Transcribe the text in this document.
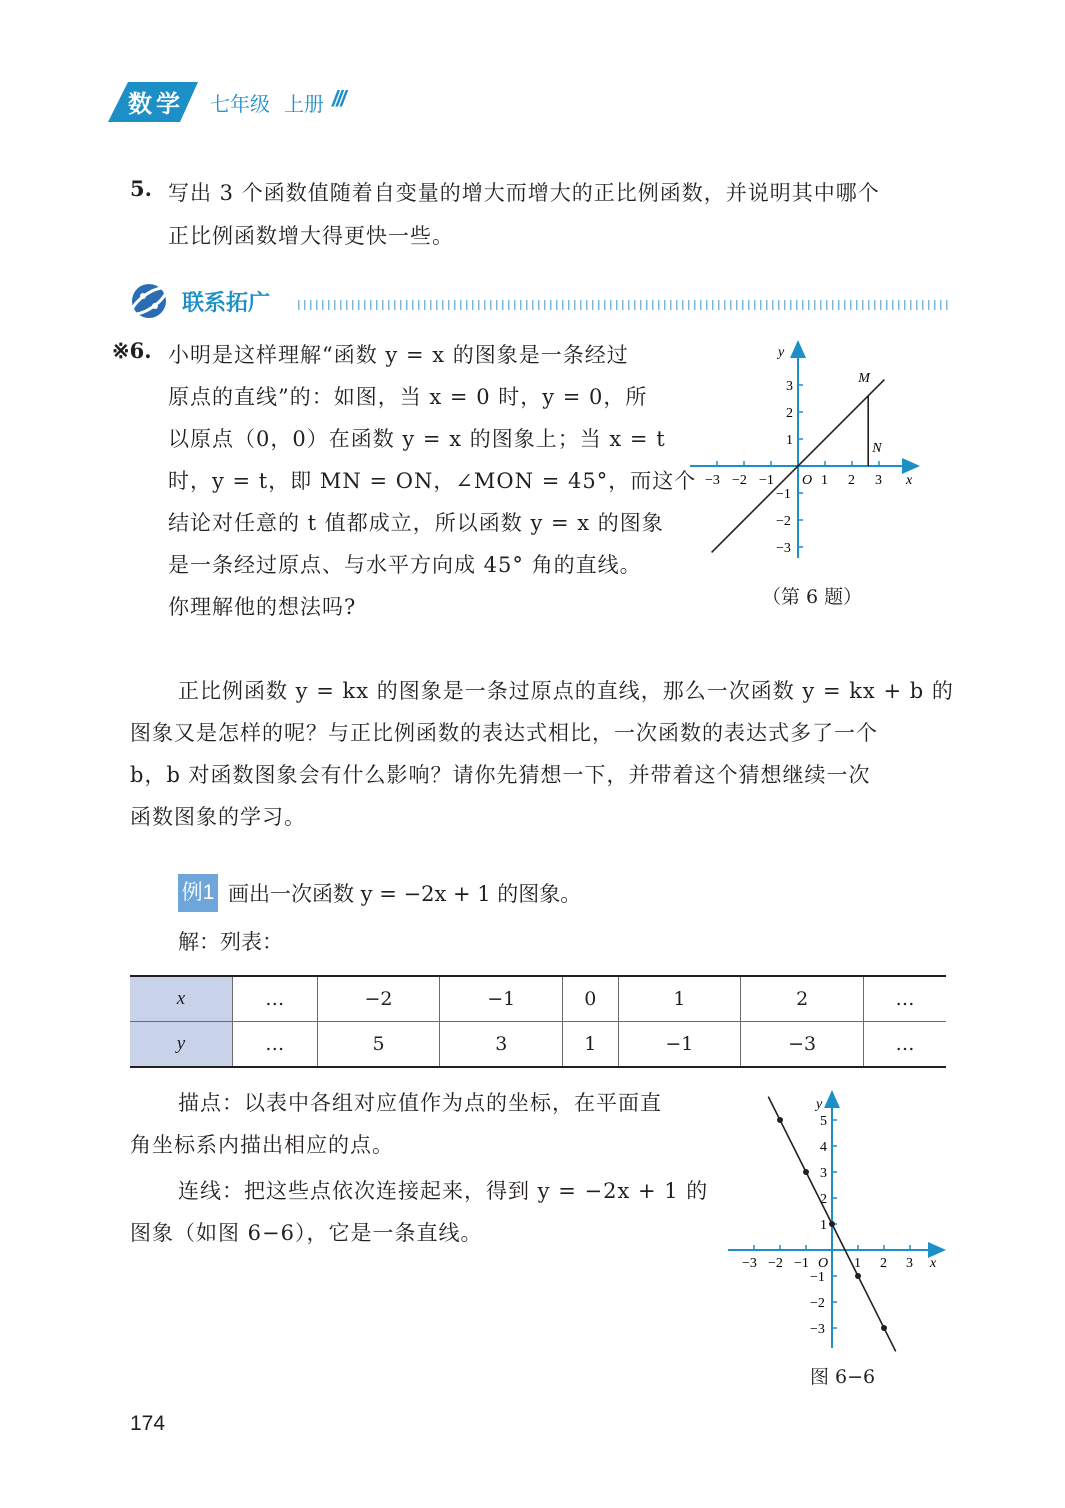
数学 七年级 上册 ///
5. 写出 3 个函数值随着自变量的增大而增大的正比例函数，并说明其中哪个
正比例函数增大得更快一些。
联系拓广
※6. 小明是这样理解“函数 y = x 的图象是一条经过
原点的直线”的：如图，当 x = 0 时，y = 0，所
以原点（0，0）在函数 y = x 的图象上；当 x = t
时，y = t，即 MN = ON，∠MON = 45°，而这个
结论对任意的 t 值都成立，所以函数 y = x 的图象
是一条经过原点、与水平方向成 45° 角的直线。
你理解他的想法吗?
−3 −2 −1	1 2 3
3
2
1
−1
−2
−3
x
y
O
M
N
（第 6 题）
正比例函数 y = kx 的图象是一条过原点的直线，那么一次函数 y = kx + b 的
图象又是怎样的呢？与正比例函数的表达式相比，一次函数的表达式多了一个
b，b 对函数图象会有什么影响？请你先猜想一下，并带着这个猜想继续一次
函数图象的学习。
例1 画出一次函数 y = −2x + 1 的图象。
解：列表：
x	…	−2	−1	0	1	2	…
y	…	5	3	1	−1	−3	…
描点：以表中各组对应值作为点的坐标，在平面直
角坐标系内描出相应的点。
连线：把这些点依次连接起来，得到 y = −2x + 1 的
图象（如图 6−6），它是一条直线。
−3 −2 −1	1 2 3
5
4
3
2
1
−1
−2
−3
x
y
O
图 6−6
174
